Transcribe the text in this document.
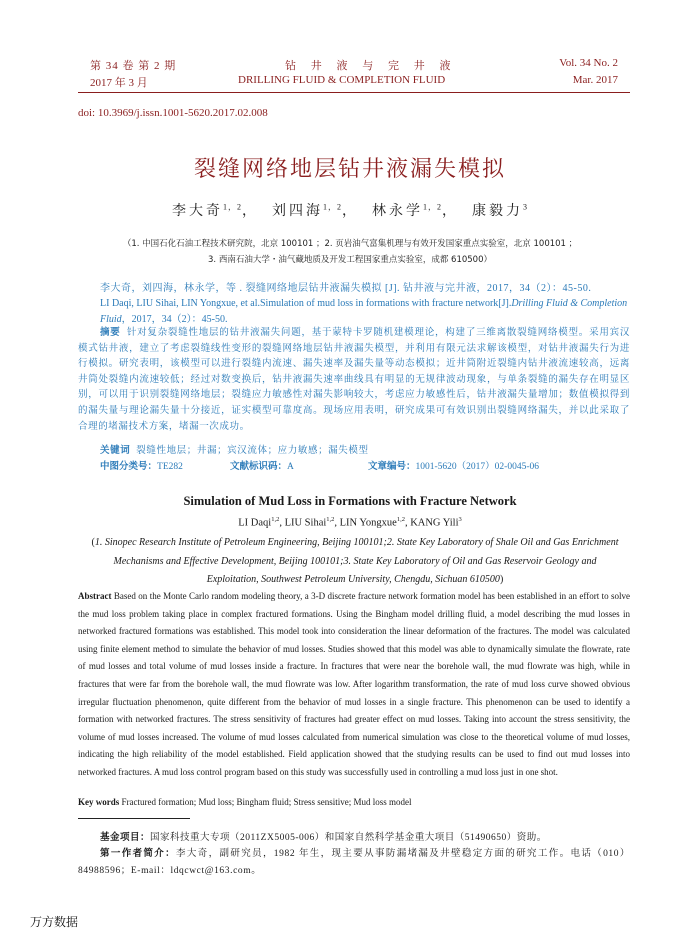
第 34 卷 第 2 期
2017 年 3 月
钻 井 液 与 完 井 液
DRILLING FLUID & COMPLETION FLUID
Vol. 34 No. 2
Mar. 2017
doi: 10.3969/j.issn.1001-5620.2017.02.008
裂缝网络地层钻井液漏失模拟
李大奇$^{1,2}$， 刘四海$^{1,2}$， 林永学$^{1,2}$， 康毅力$^3$
（1. 中国石化石油工程技术研究院，北京 100101 ；2. 页岩油气富集机理与有效开发国家重点实验室，北京 100101 ；
3. 西南石油大学・油气藏地质及开发工程国家重点实验室，成都 610500）
李大奇，刘四海，林永学，等 . 裂缝网络地层钻井液漏失模拟 [J]. 钻井液与完井液，2017，34（2）：45-50.
LI Daqi, LIU Sihai, LIN Yongxue, et al.Simulation of mud loss in formations with fracture network[J].Drilling Fluid & Completion Fluid，2017，34（2）：45-50.
摘要 针对复杂裂缝性地层的钻井液漏失问题，基于蒙特卡罗随机建模理论，构建了三维离散裂缝网络模型。采用宾汉模式钻井液，建立了考虑裂缝线性变形的裂缝网络地层钻井液漏失模型，并利用有限元法求解该模型，对钻井液漏失行为进行模拟。研究表明，该模型可以进行裂缝内流速、漏失速率及漏失量等动态模拟；近井筒附近裂缝内钻井液流速较高，远离井筒处裂缝内流速较低；经过对数变换后，钻井液漏失速率曲线具有明显的无规律波动现象，与单条裂缝的漏失存在明显区别，可以用于识别裂缝网络地层；裂缝应力敏感性对漏失影响较大，考虑应力敏感性后，钻井液漏失量增加；数值模拟得到的漏失量与理论漏失量十分接近，证实模型可靠度高。现场应用表明，研究成果可有效识别出裂缝网络漏失，并以此采取了合理的堵漏技术方案，堵漏一次成功。
关键词 裂缝性地层；井漏；宾汉流体；应力敏感；漏失模型
中图分类号：TE282	文献标识码：A	文章编号：1001-5620（2017）02-0045-06
Simulation of Mud Loss in Formations with Fracture Network
LI Daqi$^{1,2}$, LIU Sihai$^{1,2}$, LIN Yongxue$^{1,2}$, KANG Yili$^3$
(1. Sinopec Research Institute of Petroleum Engineering, Beijing 100101;2. State Key Laboratory of Shale Oil and Gas Enrichment Mechanisms and Effective Development, Beijing 100101;3. State Key Laboratory of Oil and Gas Reservoir Geology and Exploitation, Southwest Petroleum University, Chengdu, Sichuan 610500)
Abstract Based on the Monte Carlo random modeling theory, a 3-D discrete fracture network formation model has been established in an effort to solve the mud loss problem taking place in complex fractured formations. Using the Bingham model drilling fluid, a model describing the mud losses in networked fractured formations was established. This model took into consideration the linear deformation of the fractures. The model was calculated using finite element method to simulate the behavior of mud losses. Studies showed that this model was able to dynamically simulate the flowrate, rate of mud losses and total volume of mud losses inside a fracture. In fractures that were near the borehole wall, the mud flowrate was high, while in fractures that were far from the borehole wall, the mud flowrate was low. After logarithm transformation, the rate of mud loss curve showed obvious irregular fluctuation phenomenon, quite different from the behavior of mud losses in a single fracture. This phenomenon can be used to identify a formation with networked fractures. The stress sensitivity of fractures had greater effect on mud losses. Taking into account the stress sensitivity, the volume of mud losses increased. The volume of mud losses calculated from numerical simulation was close to the theoretical volume of mud losses, indicating the high reliability of the model established. Field application showed that the studying results can be used to find out mud losses into networked fractures. A mud loss control program based on this study was successfully used in controlling a mud loss just in one shot.
Key words Fractured formation; Mud loss; Bingham fluid; Stress sensitive; Mud loss model
基金项目：国家科技重大专项（2011ZX5005-006）和国家自然科学基金重大项目（51490650）资助。
第一作者简介：李大奇，副研究员，1982 年生，现主要从事防漏堵漏及井壁稳定方面的研究工作。电话（010）84988596；E-mail：ldqcwct@163.com。
万方数据
